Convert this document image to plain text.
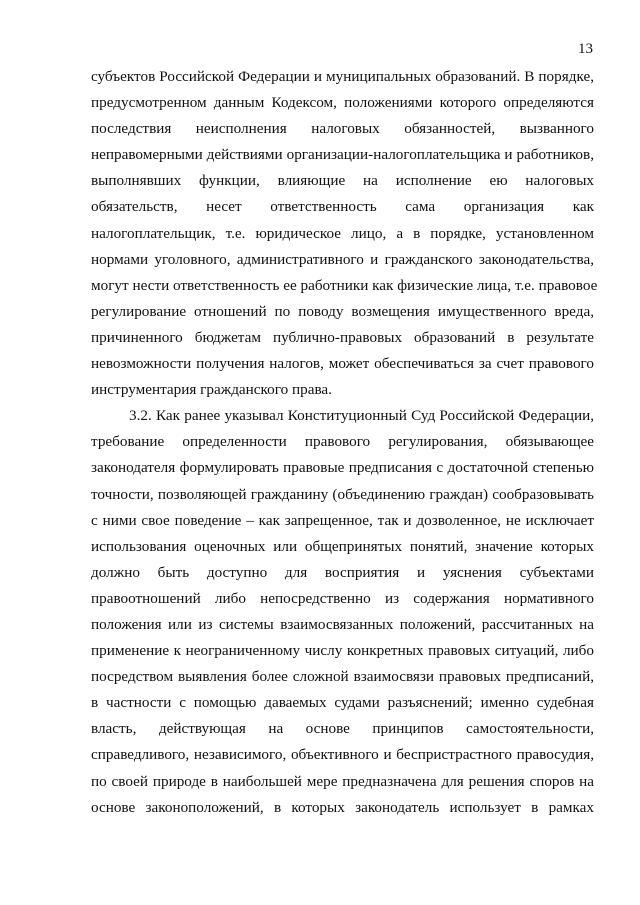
13
субъектов Российской Федерации и муниципальных образований. В порядке,
предусмотренном данным Кодексом, положениями которого определяются
последствия неисполнения налоговых обязанностей, вызванного
неправомерными действиями организации-налогоплательщика и работников,
выполнявших функции, влияющие на исполнение ею налоговых
обязательств, несет ответственность сама организация как
налогоплательщик, т.е. юридическое лицо, а в порядке, установленном
нормами уголовного, административного и гражданского законодательства,
могут нести ответственность ее работники как физические лица, т.е. правовое
регулирование отношений по поводу возмещения имущественного вреда,
причиненного бюджетам публично-правовых образований в результате
невозможности получения налогов, может обеспечиваться за счет правового
инструментария гражданского права.
3.2. Как ранее указывал Конституционный Суд Российской Федерации,
требование определенности правового регулирования, обязывающее
законодателя формулировать правовые предписания с достаточной степенью
точности, позволяющей гражданину (объединению граждан) сообразовывать
с ними свое поведение – как запрещенное, так и дозволенное, не исключает
использования оценочных или общепринятых понятий, значение которых
должно быть доступно для восприятия и уяснения субъектами
правоотношений либо непосредственно из содержания нормативного
положения или из системы взаимосвязанных положений, рассчитанных на
применение к неограниченному числу конкретных правовых ситуаций, либо
посредством выявления более сложной взаимосвязи правовых предписаний,
в частности с помощью даваемых судами разъяснений; именно судебная
власть, действующая на основе принципов самостоятельности,
справедливого, независимого, объективного и беспристрастного правосудия,
по своей природе в наибольшей мере предназначена для решения споров на
основе законоположений, в которых законодатель использует в рамках
